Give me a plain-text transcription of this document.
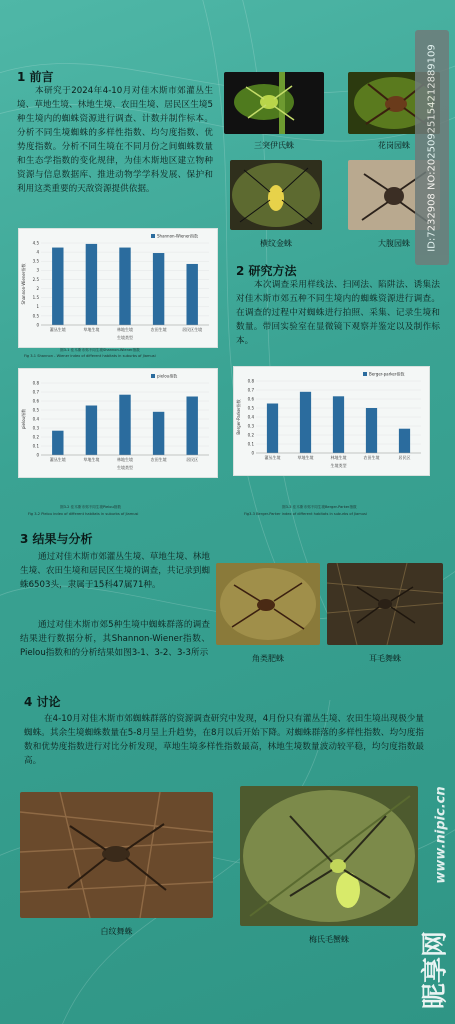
1 前言
本研究于2024年4-10月对佳木斯市郊灌丛生境、草地生境、林地生境、农田生境、居民区生境5种生境内的蜘蛛资源进行调查、计数并制作标本。分析不同生境蜘蛛的多样性指数、均匀度指数、优势度指数。分析不同生境在不同月份之间蜘蛛数量和生态学指数的变化规律，为佳木斯地区建立物种资源与信息数据库、推进动物学学科发展、保护和利用这类重要的天敌资源提供依据。
三突伊氏蛛	花岗园蛛
横纹金蛛	大腹园蛛
2 研究方法
本次调查采用样线法、扫网法、陷阱法、诱集法对佳木斯市郊五种不同生境内的蜘蛛资源进行调查。在调查的过程中对蜘蛛进行拍照、采集、记录生境和数量。带回实验室在显微镜下观察并鉴定以及制作标本。
0
0.5
1
1.5
2
2.5
3
3.5
4
4.5
Shannon-Wiener指数
Shannon-Wiener指数
灌丛生境	草地生境	林地生境	农田生境	居民区生境
生境类型
图3-1 佳木斯市郊不同生境Shannon-Wiener指数
Fig 3-1 Shannon - Wiener index of different habitats in suburbs of Jiamusi
0
0.1
0.2
0.3
0.4
0.5
0.6
0.7
0.8
pielou指数
pielou指数
灌丛生境	草地生境	林地生境	农田生境	居民区
生境类型
图3-2 佳木斯市郊不同生境Pielou指数
Fig 3-2 Pielou index of different habitats in suburbs of Jiamusi
0
0.1
0.2
0.3
0.4
0.5
0.6
0.7
0.8
Berger-Parker指数
Berger-parker指数
灌丛生境	草地生境	林地生境	农田生境	居民区
生境类型
图3-3 佳木斯市郊不同生境Berger-Parker指数
Fig3-3 Berger-Parker index of different habitats in suburbs of Jiamusi
3 结果与分析
通过对佳木斯市郊灌丛生境、草地生境、林地生境、农田生境和居民区生境的调查，共记录到蜘蛛6503头，隶属于15科47属71种。
通过对佳木斯市郊5种生境中蜘蛛群落的调查结果进行数据分析，其Shannon-Wiener指数、Pielou指数和的分析结果如图3-1、3-2、3-3所示
角类肥蛛	耳毛舞蛛
4 讨论
在4-10月对佳木斯市郊蜘蛛群落的资源调查研究中发现，4月份只有灌丛生境、农田生境出现极少量蜘蛛。其余生境蜘蛛数量在5-8月呈上升趋势，在8月以后开始下降。对蜘蛛群落的多样性指数、均匀度指数和优势度指数进行对比分析发现，草地生境多样性指数最高，林地生境数量波动较平稳，均匀度指数最高。
白纹舞蛛
梅氏毛蟹蛛
ID:7232908 NO:20250925154212889109
www.nipic.cn
昵享网
